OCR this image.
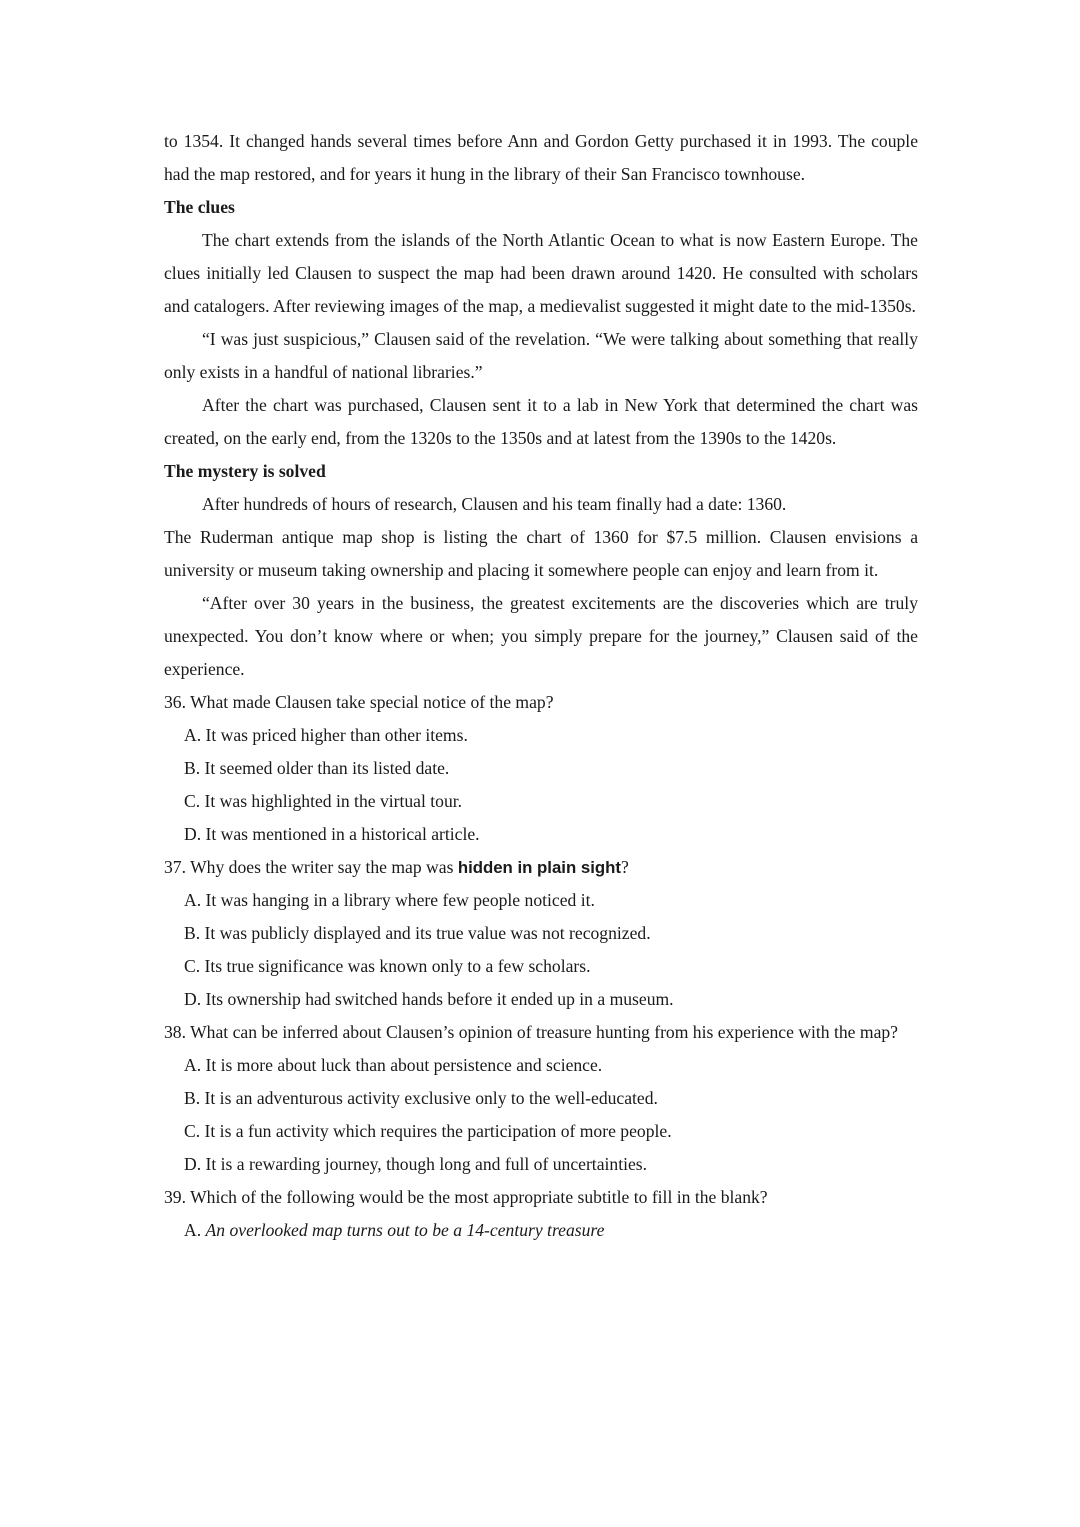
to 1354. It changed hands several times before Ann and Gordon Getty purchased it in 1993. The couple had the map restored, and for years it hung in the library of their San Francisco townhouse.

The clues

The chart extends from the islands of the North Atlantic Ocean to what is now Eastern Europe. The clues initially led Clausen to suspect the map had been drawn around 1420. He consulted with scholars and catalogers. After reviewing images of the map, a medievalist suggested it might date to the mid-1350s.

“I was just suspicious,” Clausen said of the revelation. “We were talking about something that really only exists in a handful of national libraries.”

After the chart was purchased, Clausen sent it to a lab in New York that determined the chart was created, on the early end, from the 1320s to the 1350s and at latest from the 1390s to the 1420s.

The mystery is solved

After hundreds of hours of research, Clausen and his team finally had a date: 1360.

The Ruderman antique map shop is listing the chart of 1360 for $7.5 million. Clausen envisions a university or museum taking ownership and placing it somewhere people can enjoy and learn from it.

“After over 30 years in the business, the greatest excitements are the discoveries which are truly unexpected. You don’t know where or when; you simply prepare for the journey,” Clausen said of the experience.

36. What made Clausen take special notice of the map?

A. It was priced higher than other items.

B. It seemed older than its listed date.

C. It was highlighted in the virtual tour.

D. It was mentioned in a historical article.

37. Why does the writer say the map was hidden in plain sight?

A. It was hanging in a library where few people noticed it.

B. It was publicly displayed and its true value was not recognized.

C. Its true significance was known only to a few scholars.

D. Its ownership had switched hands before it ended up in a museum.

38. What can be inferred about Clausen’s opinion of treasure hunting from his experience with the map?

A. It is more about luck than about persistence and science.

B. It is an adventurous activity exclusive only to the well-educated.

C. It is a fun activity which requires the participation of more people.

D. It is a rewarding journey, though long and full of uncertainties.

39. Which of the following would be the most appropriate subtitle to fill in the blank?

A. An overlooked map turns out to be a 14-century treasure
